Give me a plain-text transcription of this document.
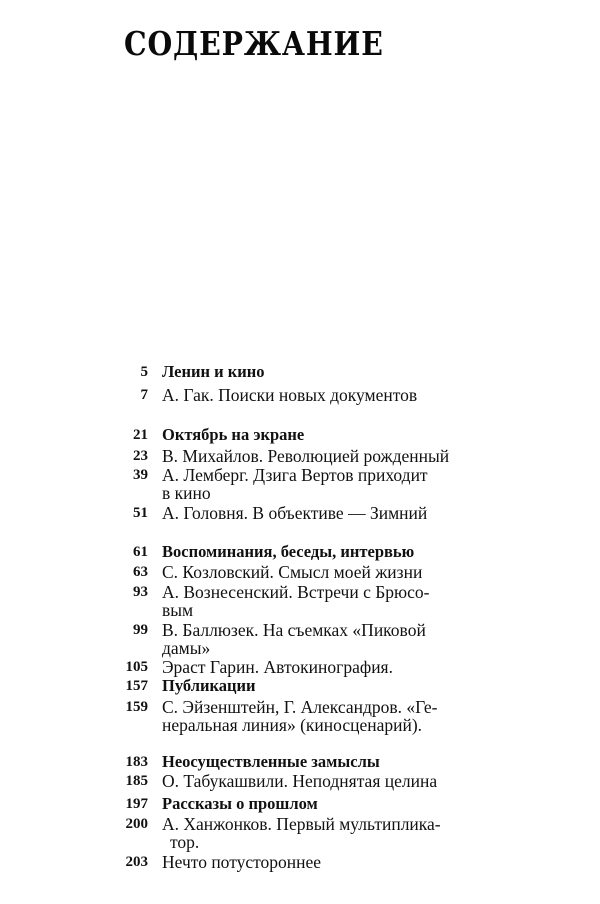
СОДЕРЖАНИЕ
5 Ленин и кино
7 А. Гак. Поиски новых документов
21 Октябрь на экране
23 В. Михайлов. Революцией рожденный
39 А. Лемберг. Дзига Вертов приходит
в кино
51 А. Головня. В объективе — Зимний
61 Воспоминания, беседы, интервью
63 С. Козловский. Смысл моей жизни
93 А. Вознесенский. Встречи с Брюсо-
вым
99 В. Баллюзек. На съемках «Пиковой
дамы»
105 Эраст Гарин. Автокинография.
157 Публикации
159 С. Эйзенштейн, Г. Александров. «Ге-
неральная линия» (киносценарий).
183 Неосуществленные замыслы
185 О. Табукашвили. Неподнятая целина
197 Рассказы о прошлом
200 А. Ханжонков. Первый мультиплика-
тор.
203 Нечто потустороннее
